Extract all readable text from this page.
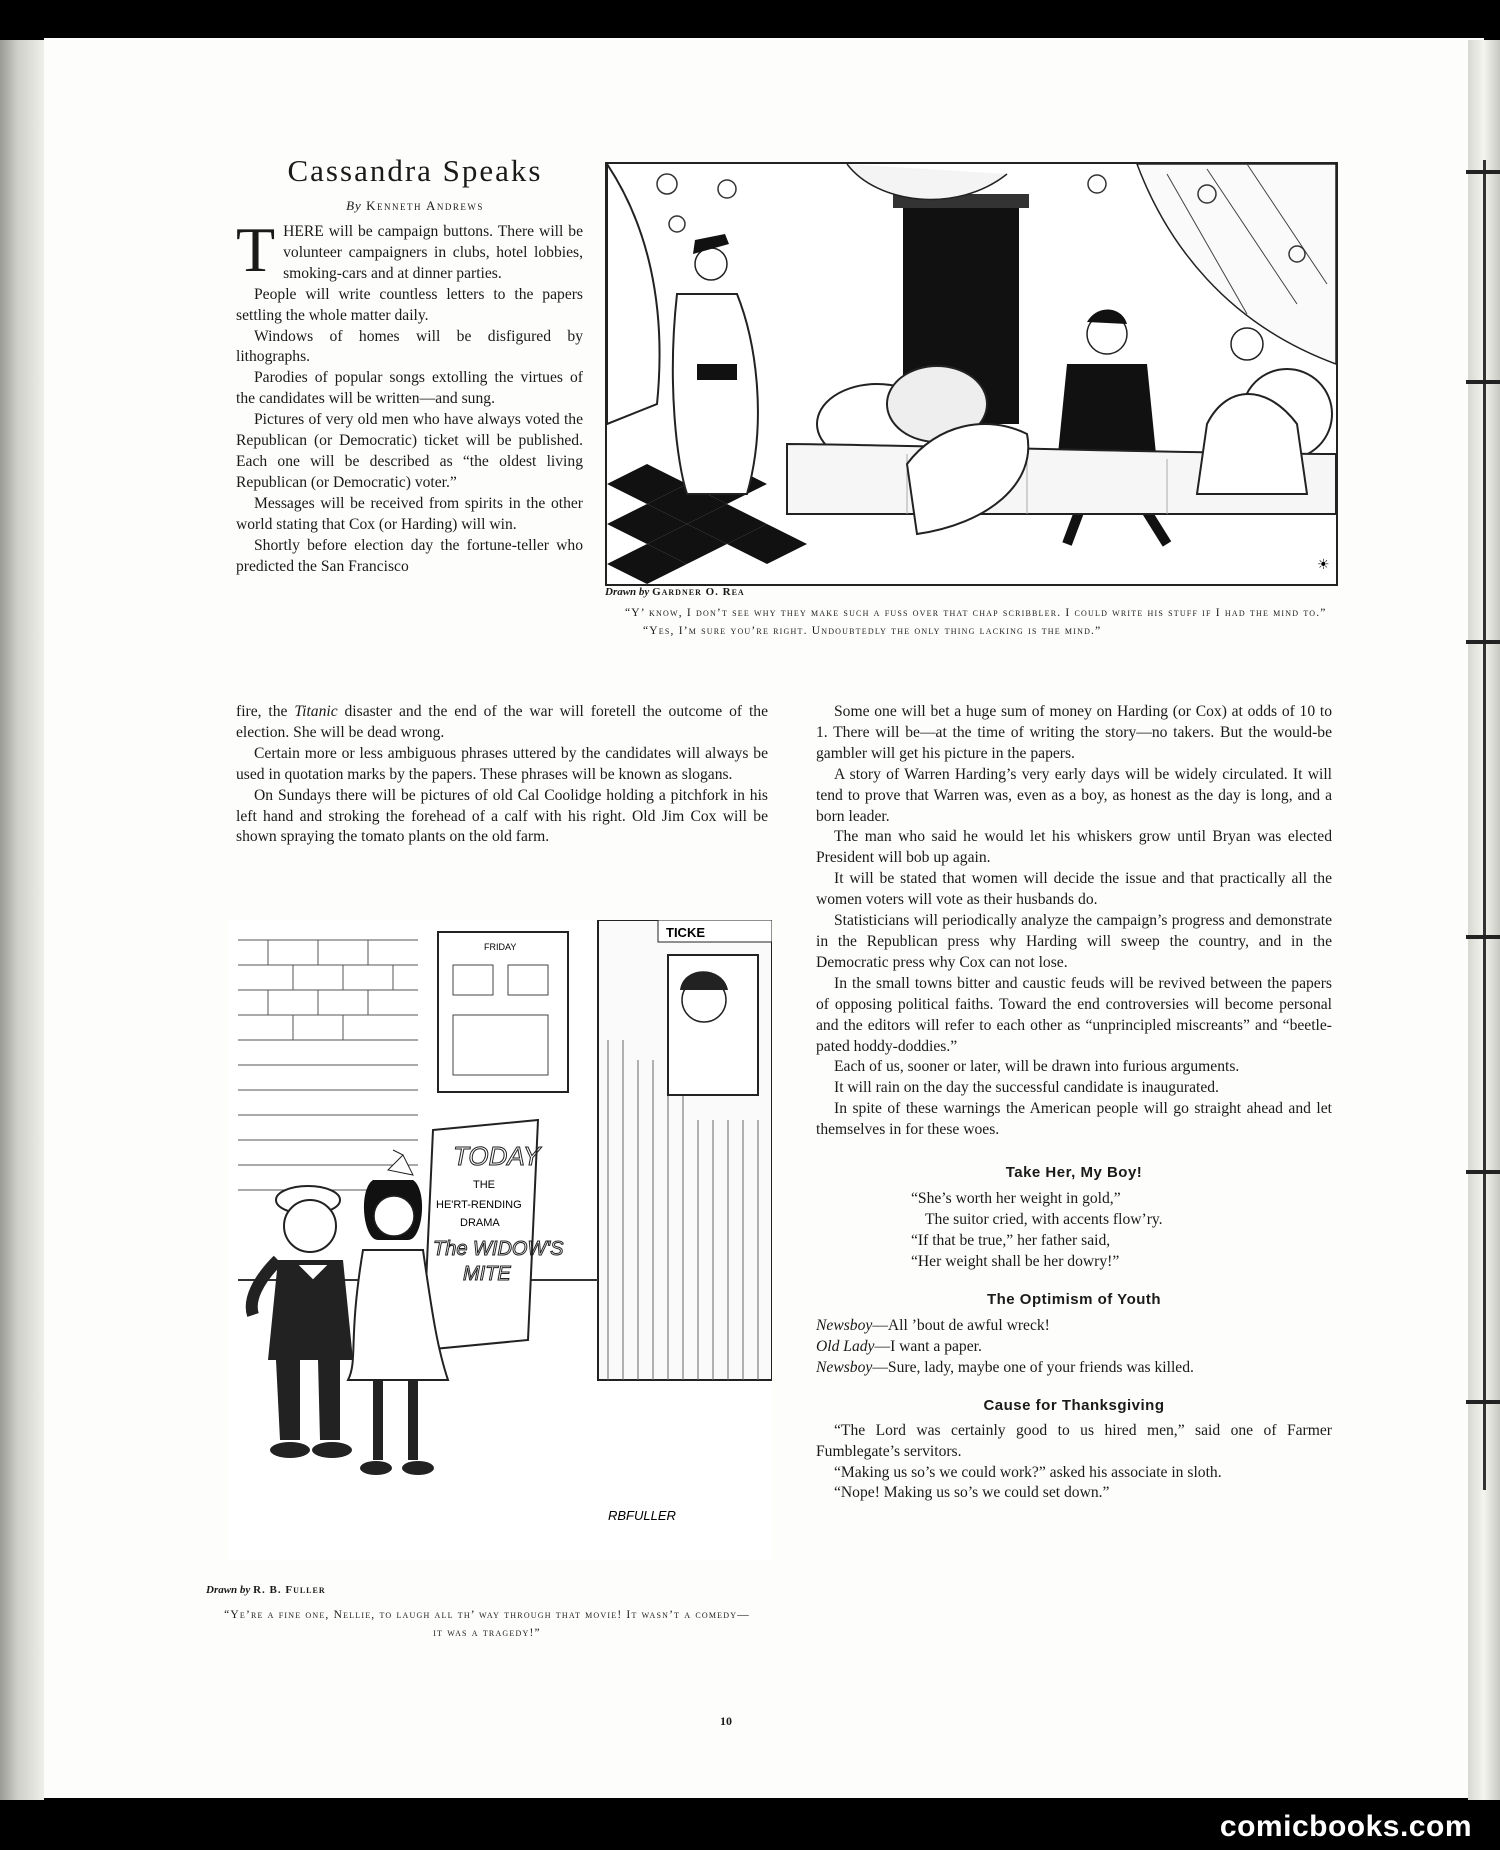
Cassandra Speaks
By Kenneth Andrews

THERE will be campaign buttons. There will be volunteer campaigners in clubs, hotel lobbies, smoking-cars and at dinner parties.

People will write countless letters to the papers settling the whole matter daily.

Windows of homes will be disfigured by lithographs.

Parodies of popular songs extolling the virtues of the candidates will be written—and sung.

Pictures of very old men who have always voted the Republican (or Democratic) ticket will be published. Each one will be described as “the oldest living Republican (or Democratic) voter.”

Messages will be received from spirits in the other world stating that Cox (or Harding) will win.

Shortly before election day the fortune-teller who predicted the San Francisco

fire, the Titanic disaster and the end of the war will foretell the outcome of the election. She will be dead wrong.

Certain more or less ambiguous phrases uttered by the candidates will always be used in quotation marks by the papers. These phrases will be known as slogans.

On Sundays there will be pictures of old Cal Coolidge holding a pitchfork in his left hand and stroking the forehead of a calf with his right. Old Jim Cox will be shown spraying the tomato plants on the old farm.

Some one will bet a huge sum of money on Harding (or Cox) at odds of 10 to 1. There will be—at the time of writing the story—no takers. But the would-be gambler will get his picture in the papers.

A story of Warren Harding’s very early days will be widely circulated. It will tend to prove that Warren was, even as a boy, as honest as the day is long, and a born leader.

The man who said he would let his whiskers grow until Bryan was elected President will bob up again.

It will be stated that women will decide the issue and that practically all the women voters will vote as their husbands do.

Statisticians will periodically analyze the campaign’s progress and demonstrate in the Republican press why Harding will sweep the country, and in the Democratic press why Cox can not lose.

In the small towns bitter and caustic feuds will be revived between the papers of opposing political faiths. Toward the end controversies will become personal and the editors will refer to each other as “unprincipled miscreants” and “beetle-pated hoddy-doddies.”

Each of us, sooner or later, will be drawn into furious arguments.

It will rain on the day the successful candidate is inaugurated.

In spite of these warnings the American people will go straight ahead and let themselves in for these woes.

Take Her, My Boy!
“She’s worth her weight in gold,”
The suitor cried, with accents flow’ry.
“If that be true,” her father said,
“Her weight shall be her dowry!”
The Optimism of Youth
Newsboy—All ’bout de awful wreck!
Old Lady—I want a paper.
Newsboy—Sure, lady, maybe one of your friends was killed.
Cause for Thanksgiving

“The Lord was certainly good to us hired men,” said one of Farmer Fumblegate’s servitors.

“Making us so’s we could work?” asked his associate in sloth.

“Nope! Making us so’s we could set down.”

☀
Drawn by Gardner O. Rea
“Y’ know, I don’t see why they make such a fuss over that chap scribbler. I could write his stuff if I had the mind to.”
“Yes, I’m sure you’re right. Undoubtedly the only thing lacking is the mind.”
FRIDAY
TICKE
TODAY
THE
HE'RT-RENDING
DRAMA
The WIDOW'S
MITE
RBFULLER
Drawn by R. B. Fuller
“Ye’re a fine one, Nellie, to laugh all th’ way through that movie! It wasn’t a comedy—it was a tragedy!”
10
comicbooks.com
